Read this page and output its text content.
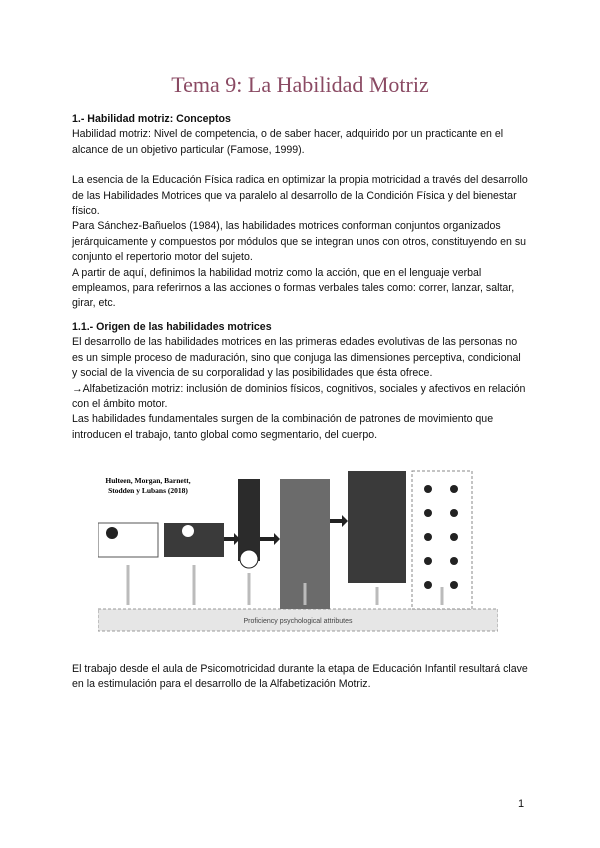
Tema 9: La Habilidad Motriz

1.- Habilidad motriz: Conceptos

Habilidad motriz: Nivel de competencia, o de saber hacer, adquirido por un practicante en el alcance de un objetivo particular (Famose, 1999).

La esencia de la Educación Física radica en optimizar la propia motricidad a través del desarrollo de las Habilidades Motrices que va paralelo al desarrollo de la Condición Física y del bienestar físico.

Para Sánchez-Bañuelos (1984), las habilidades motrices conforman conjuntos organizados jerárquicamente y compuestos por módulos que se integran unos con otros, constituyendo en su conjunto el repertorio motor del sujeto.

A partir de aquí, definimos la habilidad motriz como la acción, que en el lenguaje verbal empleamos, para referirnos a las acciones o formas verbales tales como: correr, lanzar, saltar, girar, etc.

1.1.- Origen de las habilidades motrices

El desarrollo de las habilidades motrices en las primeras edades evolutivas de las personas no es un simple proceso de maduración, sino que conjuga las dimensiones perceptiva, condicional y social de la vivencia de su corporalidad y las posibilidades que ésta ofrece.

→Alfabetización motriz: inclusión de dominios físicos, cognitivos, sociales y afectivos en relación con el ámbito motor.

Las habilidades fundamentales surgen de la combinación de patrones de movimiento que introducen el trabajo, tanto global como segmentario, del cuerpo.

Proficiency psychological attributes
Hulteen, Morgan, Barnett,
Stodden y Lubans (2018)
El trabajo desde el aula de Psicomotricidad durante la etapa de Educación Infantil resultará clave en la estimulación para el desarrollo de la Alfabetización Motriz.
1
